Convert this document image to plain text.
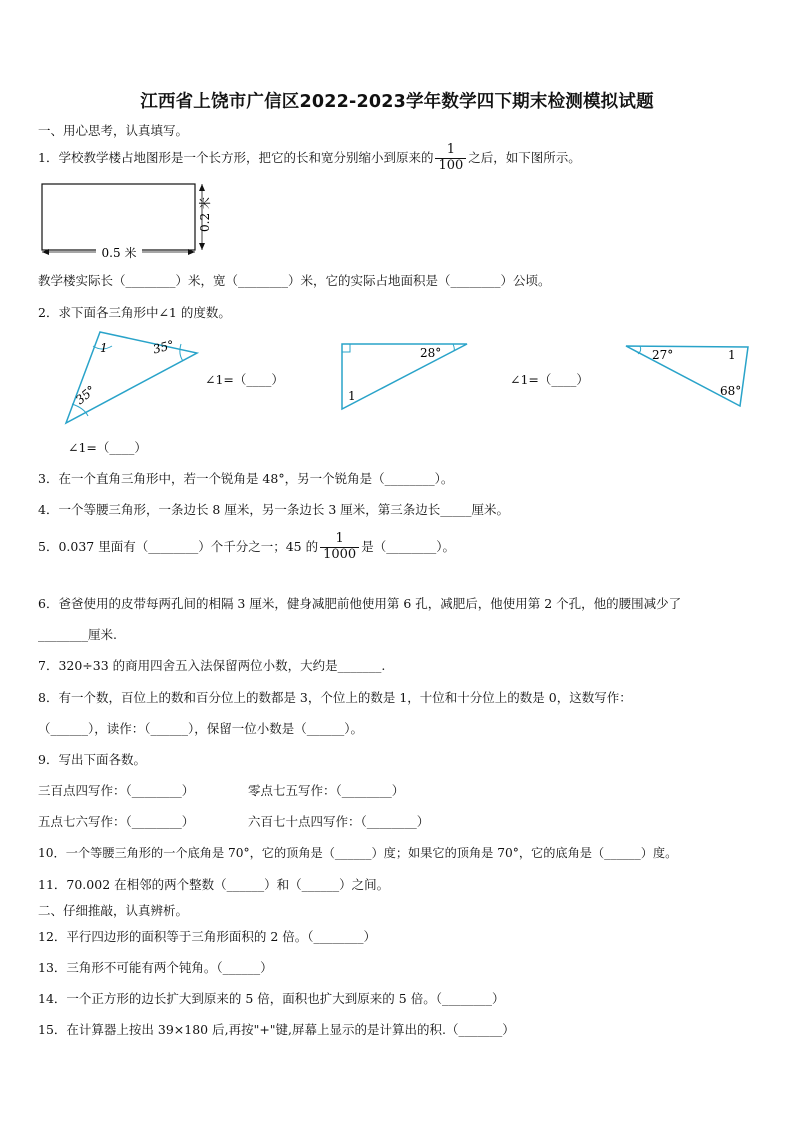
江西省上饶市广信区2022-2023学年数学四下期末检测模拟试题
一、用心思考，认真填写。
1．学校教学楼占地图形是一个长方形，把它的长和宽分别缩小到原来的 $\frac{1}{100}$ 之后，如下图所示。
0.2 米
0.5 米
教学楼实际长（________）米，宽（________）米，它的实际占地面积是（________）公顷。
2．求下面各三角形中∠1 的度数。
1	35°
35°
∠1=（____）
28°
1
∠1=（____）
27°	1
68°
∠1=（____）
3．在一个直角三角形中，若一个锐角是 48°，另一个锐角是（________）。
4．一个等腰三角形，一条边长 8 厘米，另一条边长 3 厘米，第三条边长_____厘米。
5．0.037 里面有（________）个千分之一；45 的 $\frac{1}{1000}$ 是（________）。
6．爸爸使用的皮带每两孔间的相隔 3 厘米，健身减肥前他使用第 6 孔，减肥后，他使用第 2 个孔，他的腰围减少了
________厘米.
7．320÷33 的商用四舍五入法保留两位小数，大约是_______.
8．有一个数，百位上的数和百分位上的数都是 3，个位上的数是 1，十位和十分位上的数是 0，这数写作：
（______），读作：（______），保留一位小数是（______）。
9．写出下面各数。
三百点四写作：（________）	零点七五写作：（________）
五点七六写作：（________）	六百七十点四写作：（________）
10．一个等腰三角形的一个底角是 70°，它的顶角是（______）度；如果它的顶角是 70°，它的底角是（______）度。
11．70.002 在相邻的两个整数（______）和（______）之间。
二、仔细推敲，认真辨析。
12．平行四边形的面积等于三角形面积的 2 倍。（________）
13．三角形不可能有两个钝角。（______）
14．一个正方形的边长扩大到原来的 5 倍，面积也扩大到原来的 5 倍。（________）
15．在计算器上按出 39×180 后,再按"+"键,屏幕上显示的是计算出的积.（_______）
